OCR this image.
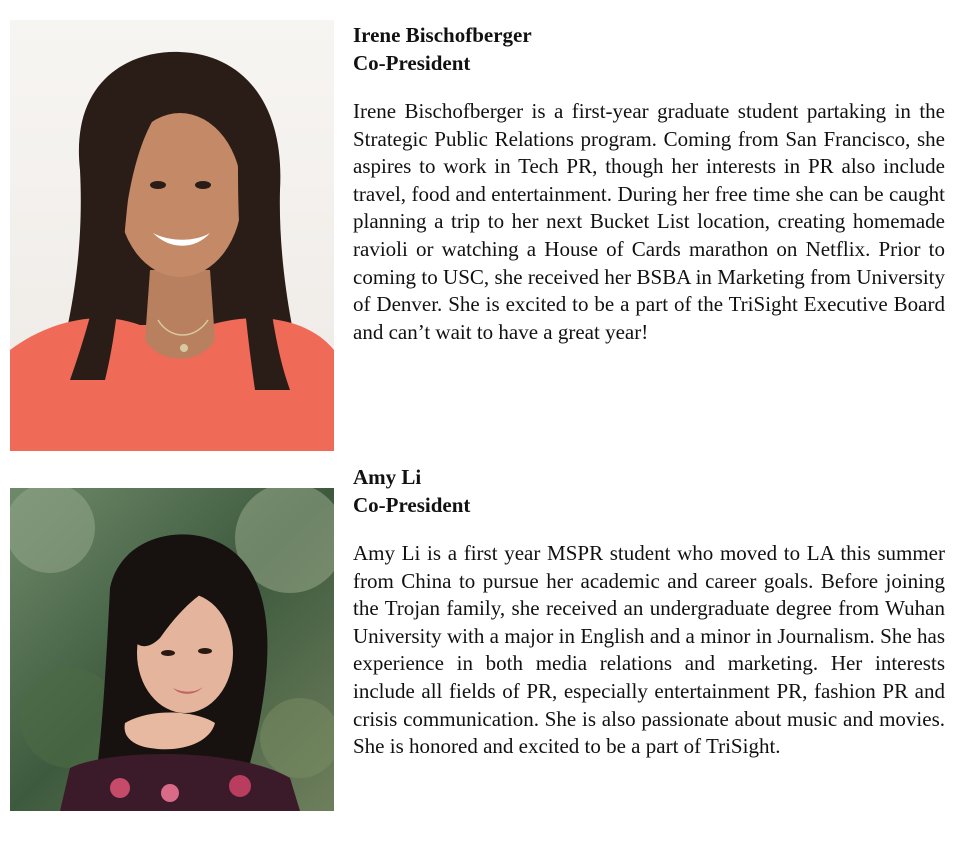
Irene Bischofberger

Co-President

Irene Bischofberger is a first-year graduate student partaking in the Strategic Public Relations program. Coming from San Francisco, she aspires to work in Tech PR, though her interests in PR also include travel, food and entertainment. During her free time she can be caught planning a trip to her next Bucket List location, creating homemade ravioli or watching a House of Cards marathon on Netflix. Prior to coming to USC, she received her BSBA in Marketing from University of Denver. She is excited to be a part of the TriSight Executive Board and can’t wait to have a great year!

Amy Li

Co-President

Amy Li is a first year MSPR student who moved to LA this summer from China to pursue her academic and career goals. Before joining the Trojan family, she received an undergraduate degree from Wuhan University with a major in English and a minor in Journalism. She has experience in both media relations and marketing. Her interests include all fields of PR, especially entertainment PR, fashion PR and crisis communication. She is also passionate about music and movies. She is honored and excited to be a part of TriSight.
